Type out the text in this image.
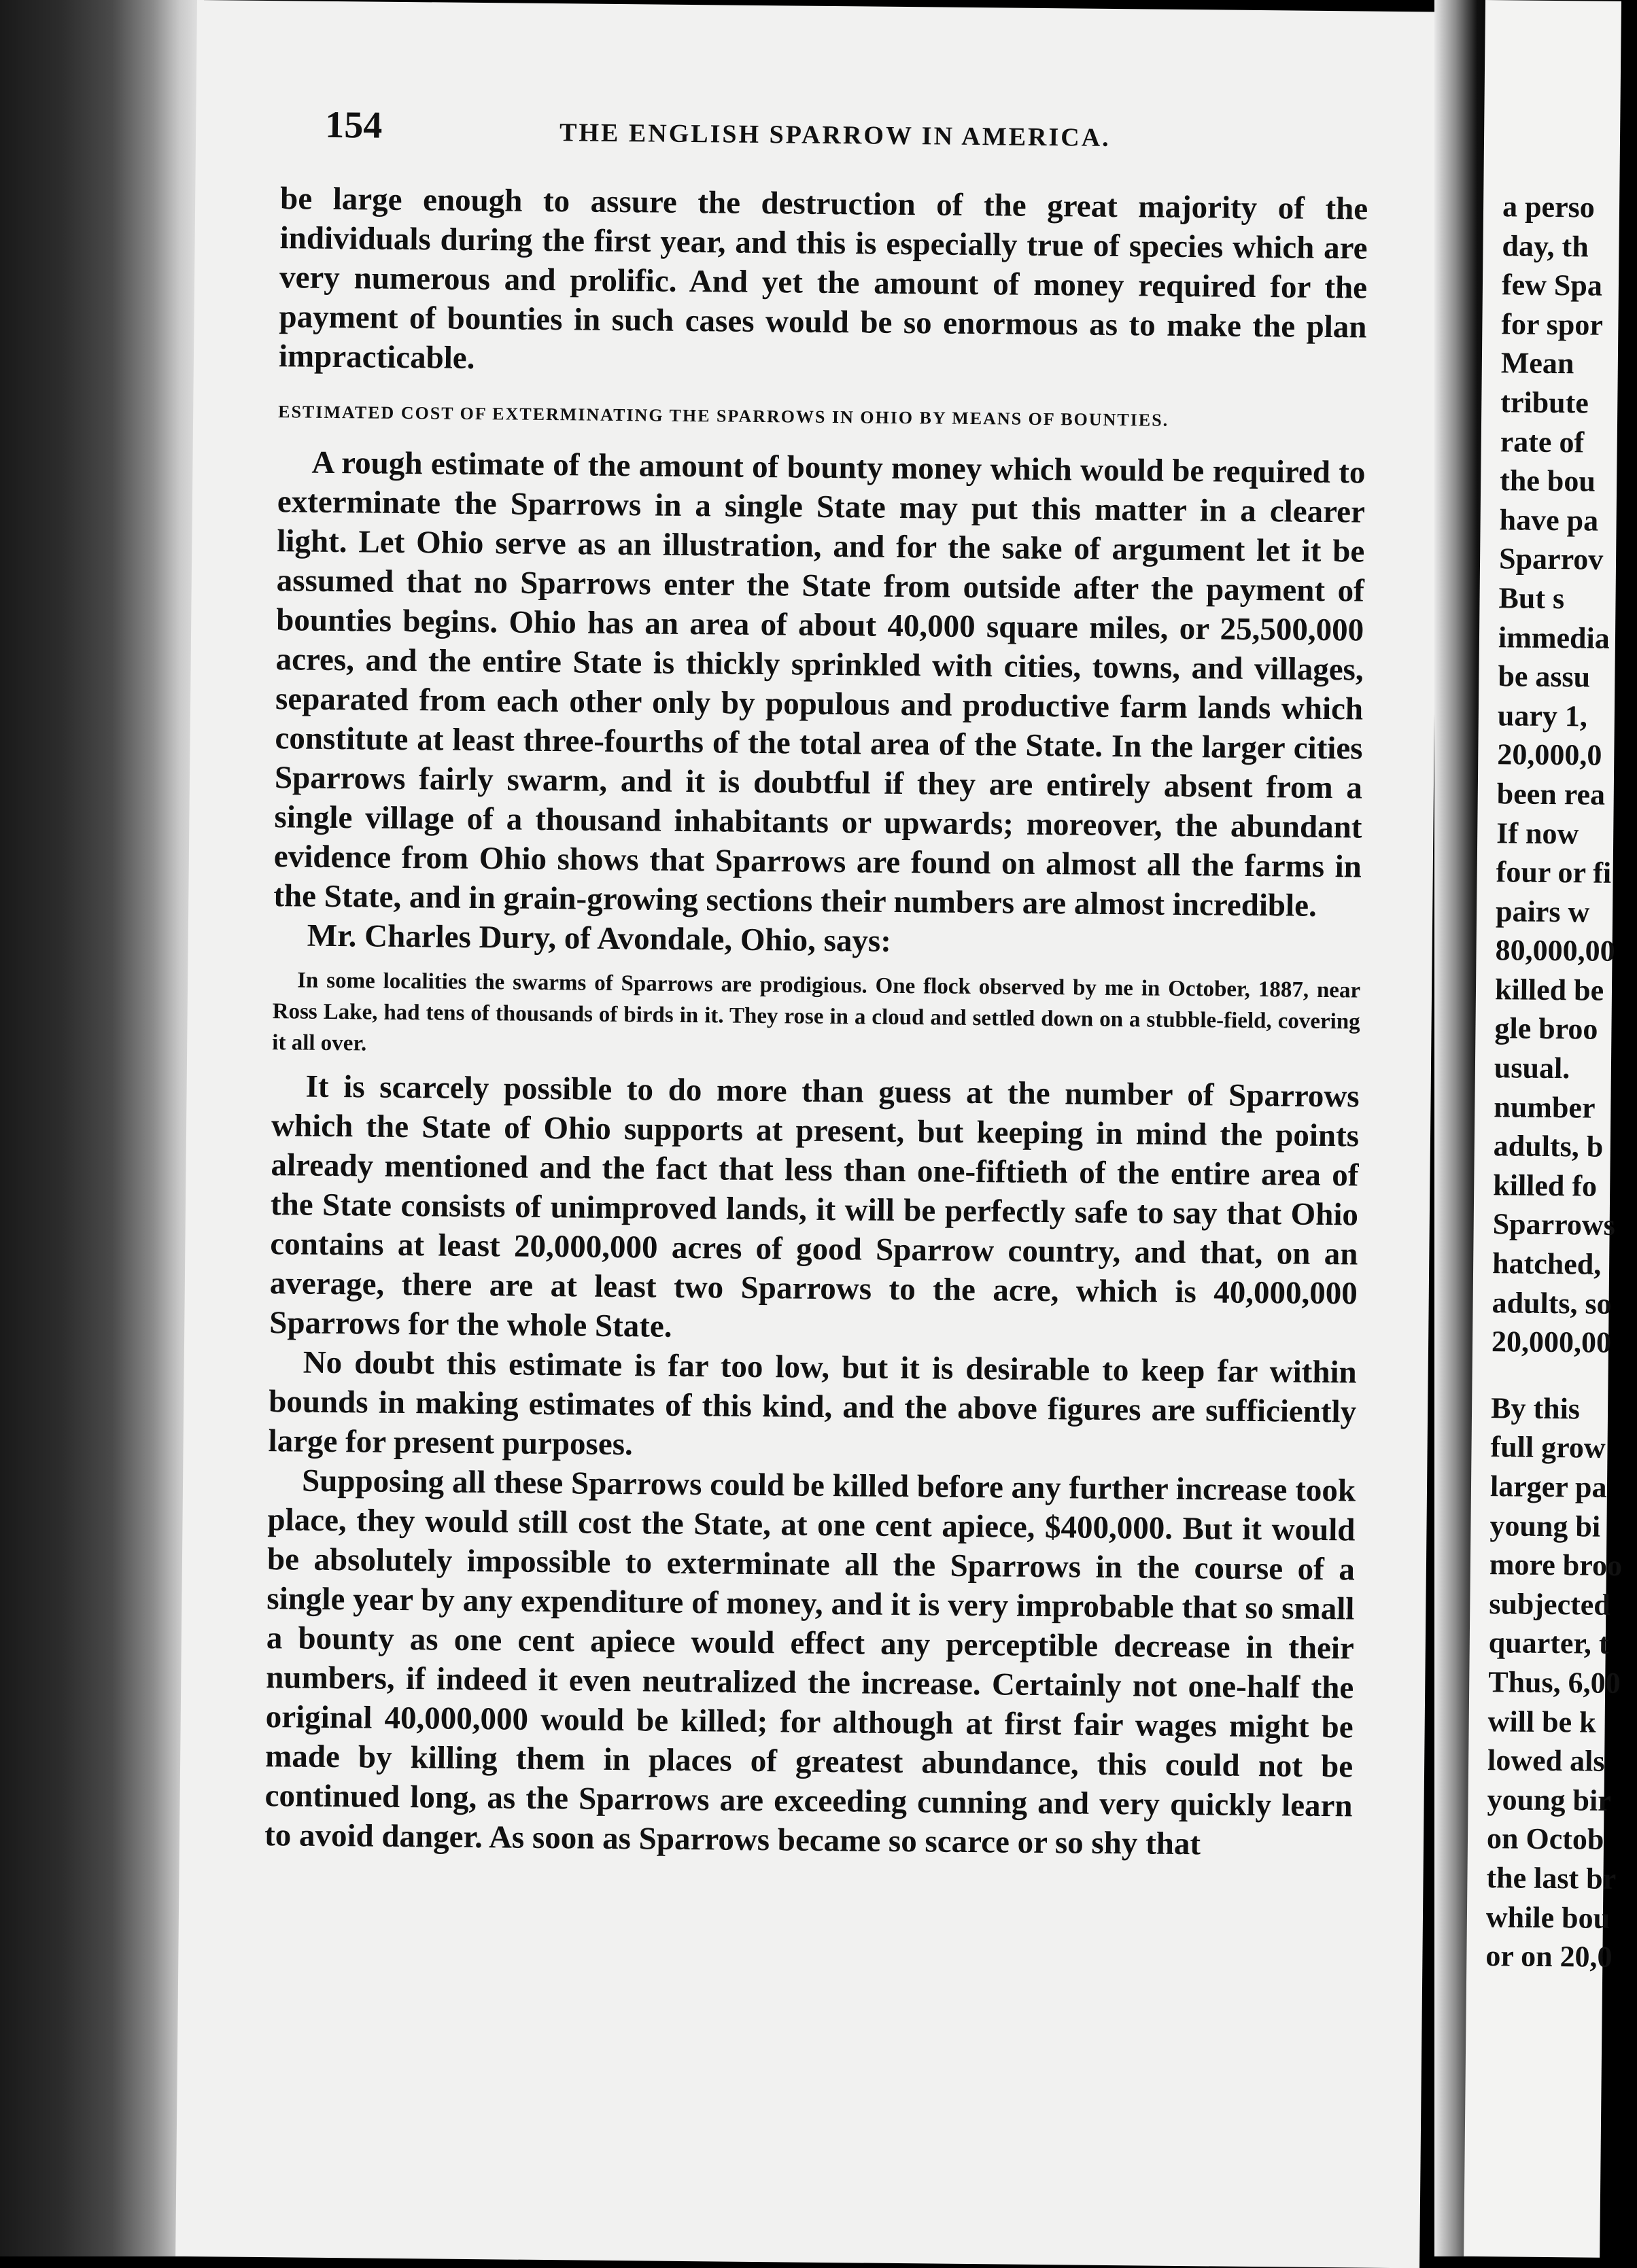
154	THE ENGLISH SPARROW IN AMERICA.

be large enough to assure the destruction of the great majority of the individuals during the first year, and this is especially true of species which are very numerous and prolific. And yet the amount of money required for the payment of bounties in such cases would be so enormous as to make the plan impracticable.

ESTIMATED COST OF EXTERMINATING THE SPARROWS IN OHIO BY MEANS OF BOUNTIES.

A rough estimate of the amount of bounty money which would be required to exterminate the Sparrows in a single State may put this matter in a clearer light. Let Ohio serve as an illustration, and for the sake of argument let it be assumed that no Sparrows enter the State from outside after the payment of bounties begins. Ohio has an area of about 40,000 square miles, or 25,500,000 acres, and the entire State is thickly sprinkled with cities, towns, and villages, separated from each other only by populous and productive farm lands which constitute at least three-fourths of the total area of the State. In the larger cities Sparrows fairly swarm, and it is doubtful if they are entirely absent from a single village of a thousand inhabitants or upwards; moreover, the abundant evidence from Ohio shows that Sparrows are found on almost all the farms in the State, and in grain-growing sections their numbers are almost incredible.

Mr. Charles Dury, of Avondale, Ohio, says:

In some localities the swarms of Sparrows are prodigious. One flock observed by me in October, 1887, near Ross Lake, had tens of thousands of birds in it. They rose in a cloud and settled down on a stubble-field, covering it all over.

It is scarcely possible to do more than guess at the number of Sparrows which the State of Ohio supports at present, but keeping in mind the points already mentioned and the fact that less than one-fiftieth of the entire area of the State consists of unimproved lands, it will be perfectly safe to say that Ohio contains at least 20,000,000 acres of good Sparrow country, and that, on an average, there are at least two Sparrows to the acre, which is 40,000,000 Sparrows for the whole State.

No doubt this estimate is far too low, but it is desirable to keep far within bounds in making estimates of this kind, and the above figures are sufficiently large for present purposes.

Supposing all these Sparrows could be killed before any further increase took place, they would still cost the State, at one cent apiece, $400,000. But it would be absolutely impossible to exterminate all the Sparrows in the course of a single year by any expenditure of money, and it is very improbable that so small a bounty as one cent apiece would effect any perceptible decrease in their numbers, if indeed it even neutralized the increase. Certainly not one-half the original 40,000,000 would be killed; for although at first fair wages might be made by killing them in places of greatest abundance, this could not be continued long, as the Sparrows are exceeding cunning and very quickly learn to avoid danger. As soon as Sparrows became so scarce or so shy that

a perso
day, th
few Spa
for spor
Mean
tribute
rate of
the bou
have pa
Sparrov
But s
immedia
be assu
uary 1,
20,000,0
been rea
If now
four or fi
pairs w
80,000,00
killed be
gle broo
usual.
number
adults, b
killed fo
Sparrows
hatched,
adults, so
20,000,00
By this
full grow
larger pa
young bi
more broo
subjected
quarter, t
Thus, 6,00
will be k
lowed als
young bir
on Octob
the last br
while bou
or on 20,0
